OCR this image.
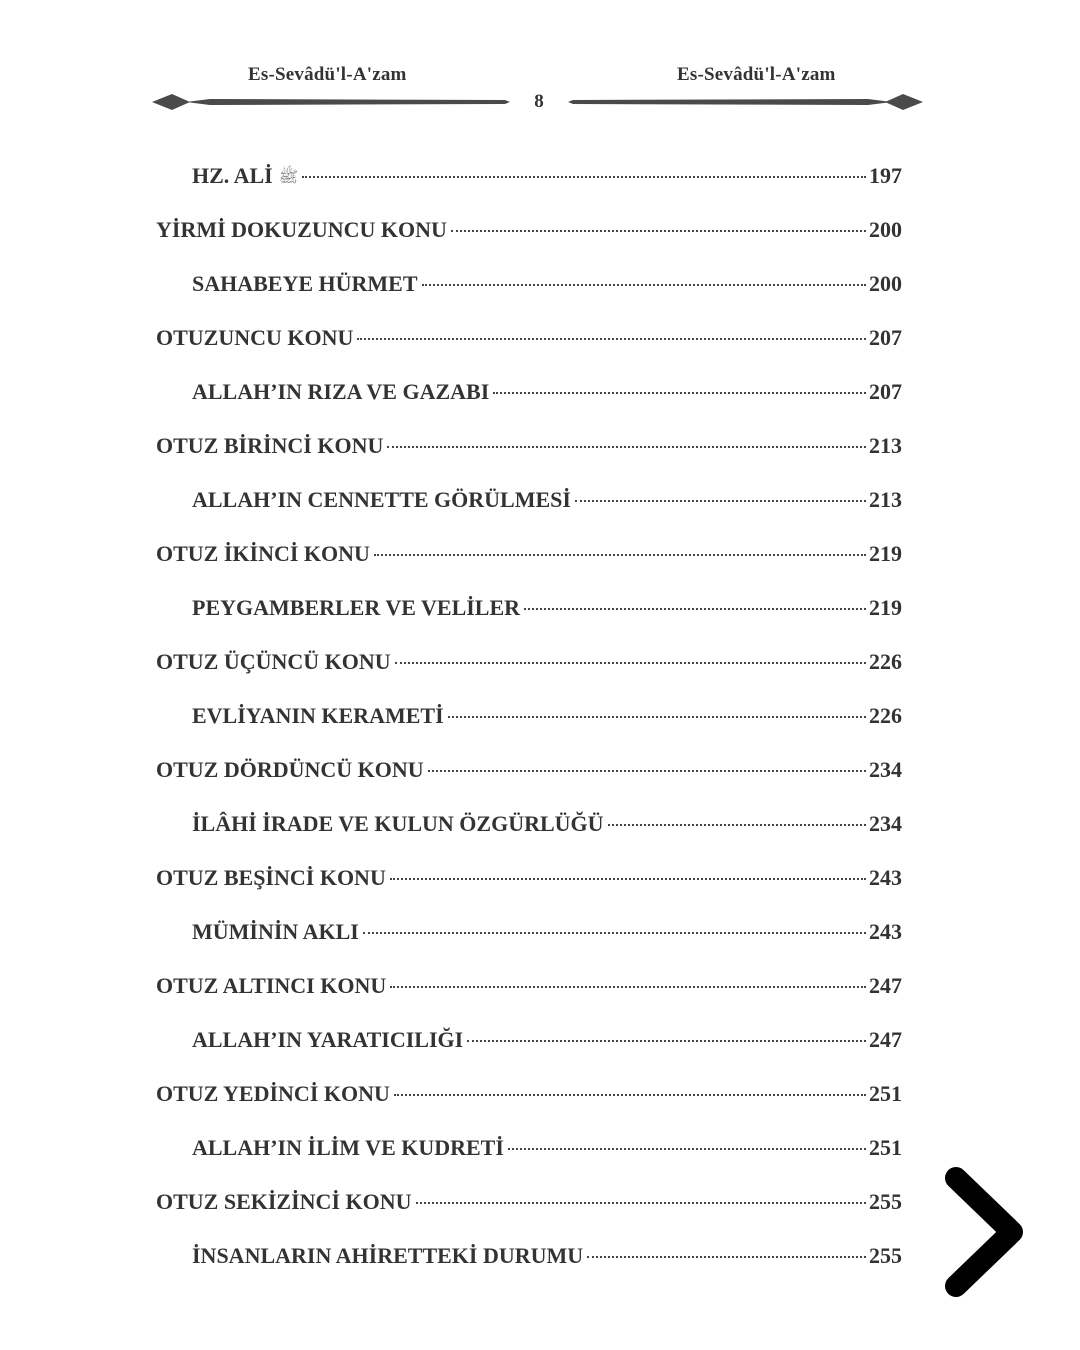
Es-Sevâdü'l-A'zam	Es-Sevâdü'l-A'zam
8
HZ. ALİ ﷺ	197
YİRMİ DOKUZUNCU KONU	200
SAHABEYE HÜRMET	200
OTUZUNCU KONU	207
ALLAH’IN RIZA VE GAZABI	207
OTUZ BİRİNCİ KONU	213
ALLAH’IN CENNETTE GÖRÜLMESİ	213
OTUZ İKİNCİ KONU	219
PEYGAMBERLER VE VELİLER	219
OTUZ ÜÇÜNCÜ KONU	226
EVLİYANIN KERAMETİ	226
OTUZ DÖRDÜNCÜ KONU	234
İLÂHİ İRADE VE KULUN ÖZGÜRLÜĞÜ	234
OTUZ BEŞİNCİ KONU	243
MÜMİNİN AKLI	243
OTUZ ALTINCI KONU	247
ALLAH’IN YARATICILIĞI	247
OTUZ YEDİNCİ KONU	251
ALLAH’IN İLİM VE KUDRETİ	251
OTUZ SEKİZİNCİ KONU	255
İNSANLARIN AHİRETTEKİ DURUMU	255
